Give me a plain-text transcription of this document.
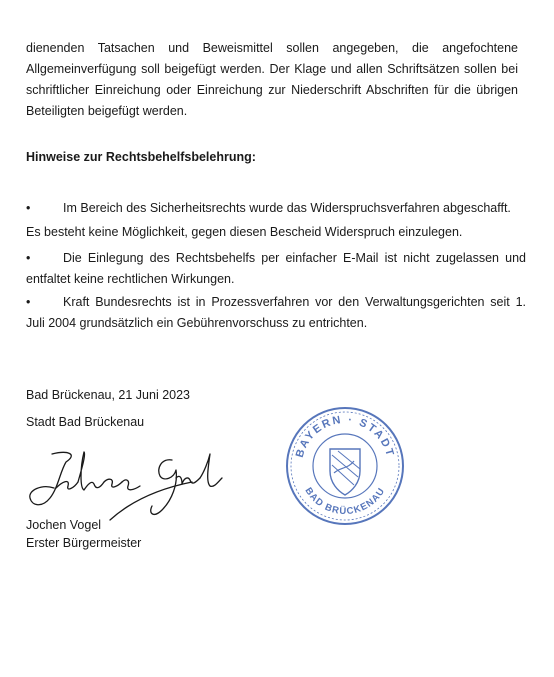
dienenden Tatsachen und Beweismittel sollen angegeben, die angefochtene Allgemeinverfügung soll beigefügt werden. Der Klage und allen Schriftsätzen sollen bei schriftlicher Einreichung oder Einreichung zur Niederschrift Abschriften für die übrigen Beteiligten beigefügt werden.

Hinweise zur Rechtsbehelfsbelehrung:

•	Im Bereich des Sicherheitsrechts wurde das Widerspruchsverfahren abgeschafft.

Es besteht keine Möglichkeit, gegen diesen Bescheid Widerspruch einzulegen.

•	Die Einlegung des Rechtsbehelfs per einfacher E-Mail ist nicht zugelassen und entfaltet keine rechtlichen Wirkungen.
•	Kraft Bundesrechts ist in Prozessverfahren vor den Verwaltungsgerichten seit 1. Juli 2004 grundsätzlich ein Gebührenvorschuss zu entrichten.

Bad Brückenau, 21 Juni 2023

Stadt Bad Brückenau

Jochen Vogel

Erster Bürgermeister

BAYERN · STADT
BAD BRÜCKENAU
